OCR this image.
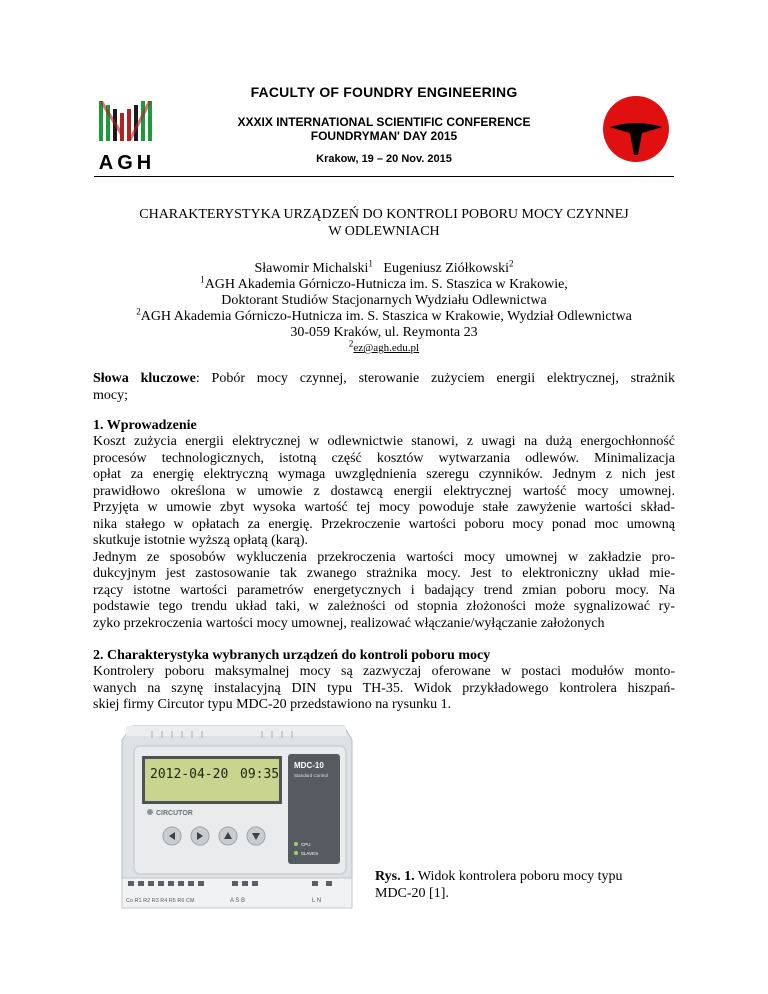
AGH
FACULTY OF FOUNDRY ENGINEERING
XXXIX INTERNATIONAL SCIENTIFIC CONFERENCE
FOUNDRYMAN' DAY 2015
Krakow, 19 – 20 Nov. 2015
CHARAKTERYSTYKA URZĄDZEŃ DO KONTROLI POBORU MOCY CZYNNEJ
W ODLEWNIACH
Sławomir Michalski$^1$ Eugeniusz Ziółkowski$^2$
$^1$AGH Akademia Górniczo-Hutnicza im. S. Staszica w Krakowie,
Doktorant Studiów Stacjonarnych Wydziału Odlewnictwa
$^2$AGH Akademia Górniczo-Hutnicza im. S. Staszica w Krakowie, Wydział Odlewnictwa
30-059 Kraków, ul. Reymonta 23
$^2$ez@agh.edu.pl
Słowa kluczowe: Pobór mocy czynnej, sterowanie zużyciem energii elektrycznej, strażnik
mocy;
1. Wprowadzenie
Koszt zużycia energii elektrycznej w odlewnictwie stanowi, z uwagi na dużą energochłonność
procesów technologicznych, istotną część kosztów wytwarzania odlewów. Minimalizacja
opłat za energię elektryczną wymaga uwzględnienia szeregu czynników. Jednym z nich jest
prawidłowo określona w umowie z dostawcą energii elektrycznej wartość mocy umownej.
Przyjęta w umowie zbyt wysoka wartość tej mocy powoduje stałe zawyżenie wartości skład-
nika stałego w opłatach za energię. Przekroczenie wartości poboru mocy ponad moc umowną
skutkuje istotnie wyższą opłatą (karą).
Jednym ze sposobów wykluczenia przekroczenia wartości mocy umownej w zakładzie pro-
dukcyjnym jest zastosowanie tak zwanego strażnika mocy. Jest to elektroniczny układ mie-
rzący istotne wartości parametrów energetycznych i badający trend zmian poboru mocy. Na
podstawie tego trendu układ taki, w zależności od stopnia złożoności może sygnalizować ry-
zyko przekroczenia wartości mocy umownej, realizować włączanie/wyłączanie założonych
2. Charakterystyka wybranych urządzeń do kontroli poboru mocy
Kontrolery poboru maksymalnej mocy są zazwyczaj oferowane w postaci modułów monto-
wanych na szynę instalacyjną DIN typu TH-35. Widok przykładowego kontrolera hiszpań-
skiej firmy Circutor typu MDC-20 przedstawiono na rysunku 1.
2012-04-20 09:35
MDC-10
Standard Control
CPU
SLAVES
CIRCUTOR
Co R1 R2 R3 R4 R5 R6 CM	A S B	L N
Rys. 1. Widok kontrolera poboru mocy typu
MDC-20 [1].
